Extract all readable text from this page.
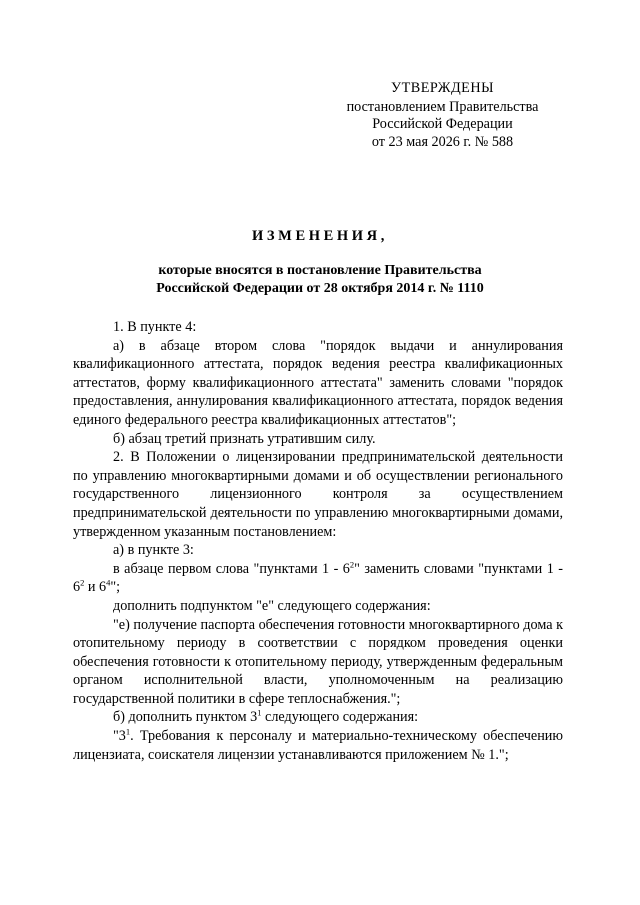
УТВЕРЖДЕНЫ
постановлением Правительства
Российской Федерации
от 23 мая 2026 г. № 588
ИЗМЕНЕНИЯ,
которые вносятся в постановление Правительства
Российской Федерации от 28 октября 2014 г. № 1110

1. В пункте 4:

а) в абзаце втором слова "порядок выдачи и аннулирования квалификационного аттестата, порядок ведения реестра квалификационных аттестатов, форму квалификационного аттестата" заменить словами "порядок предоставления, аннулирования квалификационного аттестата, порядок ведения единого федерального реестра квалификационных аттестатов";

б) абзац третий признать утратившим силу.

2. В Положении о лицензировании предпринимательской деятельности по управлению многоквартирными домами и об осуществлении регионального государственного лицензионного контроля за осуществлением предпринимательской деятельности по управлению многоквартирными домами, утвержденном указанным постановлением:

а) в пункте 3:

в абзаце первом слова "пунктами $1 - 6^2$" заменить словами "пунктами $1 - 6^2$ и $6^4$";

дополнить подпунктом "е" следующего содержания:

"е) получение паспорта обеспечения готовности многоквартирного дома к отопительному периоду в соответствии с порядком проведения оценки обеспечения готовности к отопительному периоду, утвержденным федеральным органом исполнительной власти, уполномоченным на реализацию государственной политики в сфере теплоснабжения.";

б) дополнить пунктом $3^1$ следующего содержания:

"$3^1$. Требования к персоналу и материально-техническому обеспечению лицензиата, соискателя лицензии устанавливаются приложением № 1.";
